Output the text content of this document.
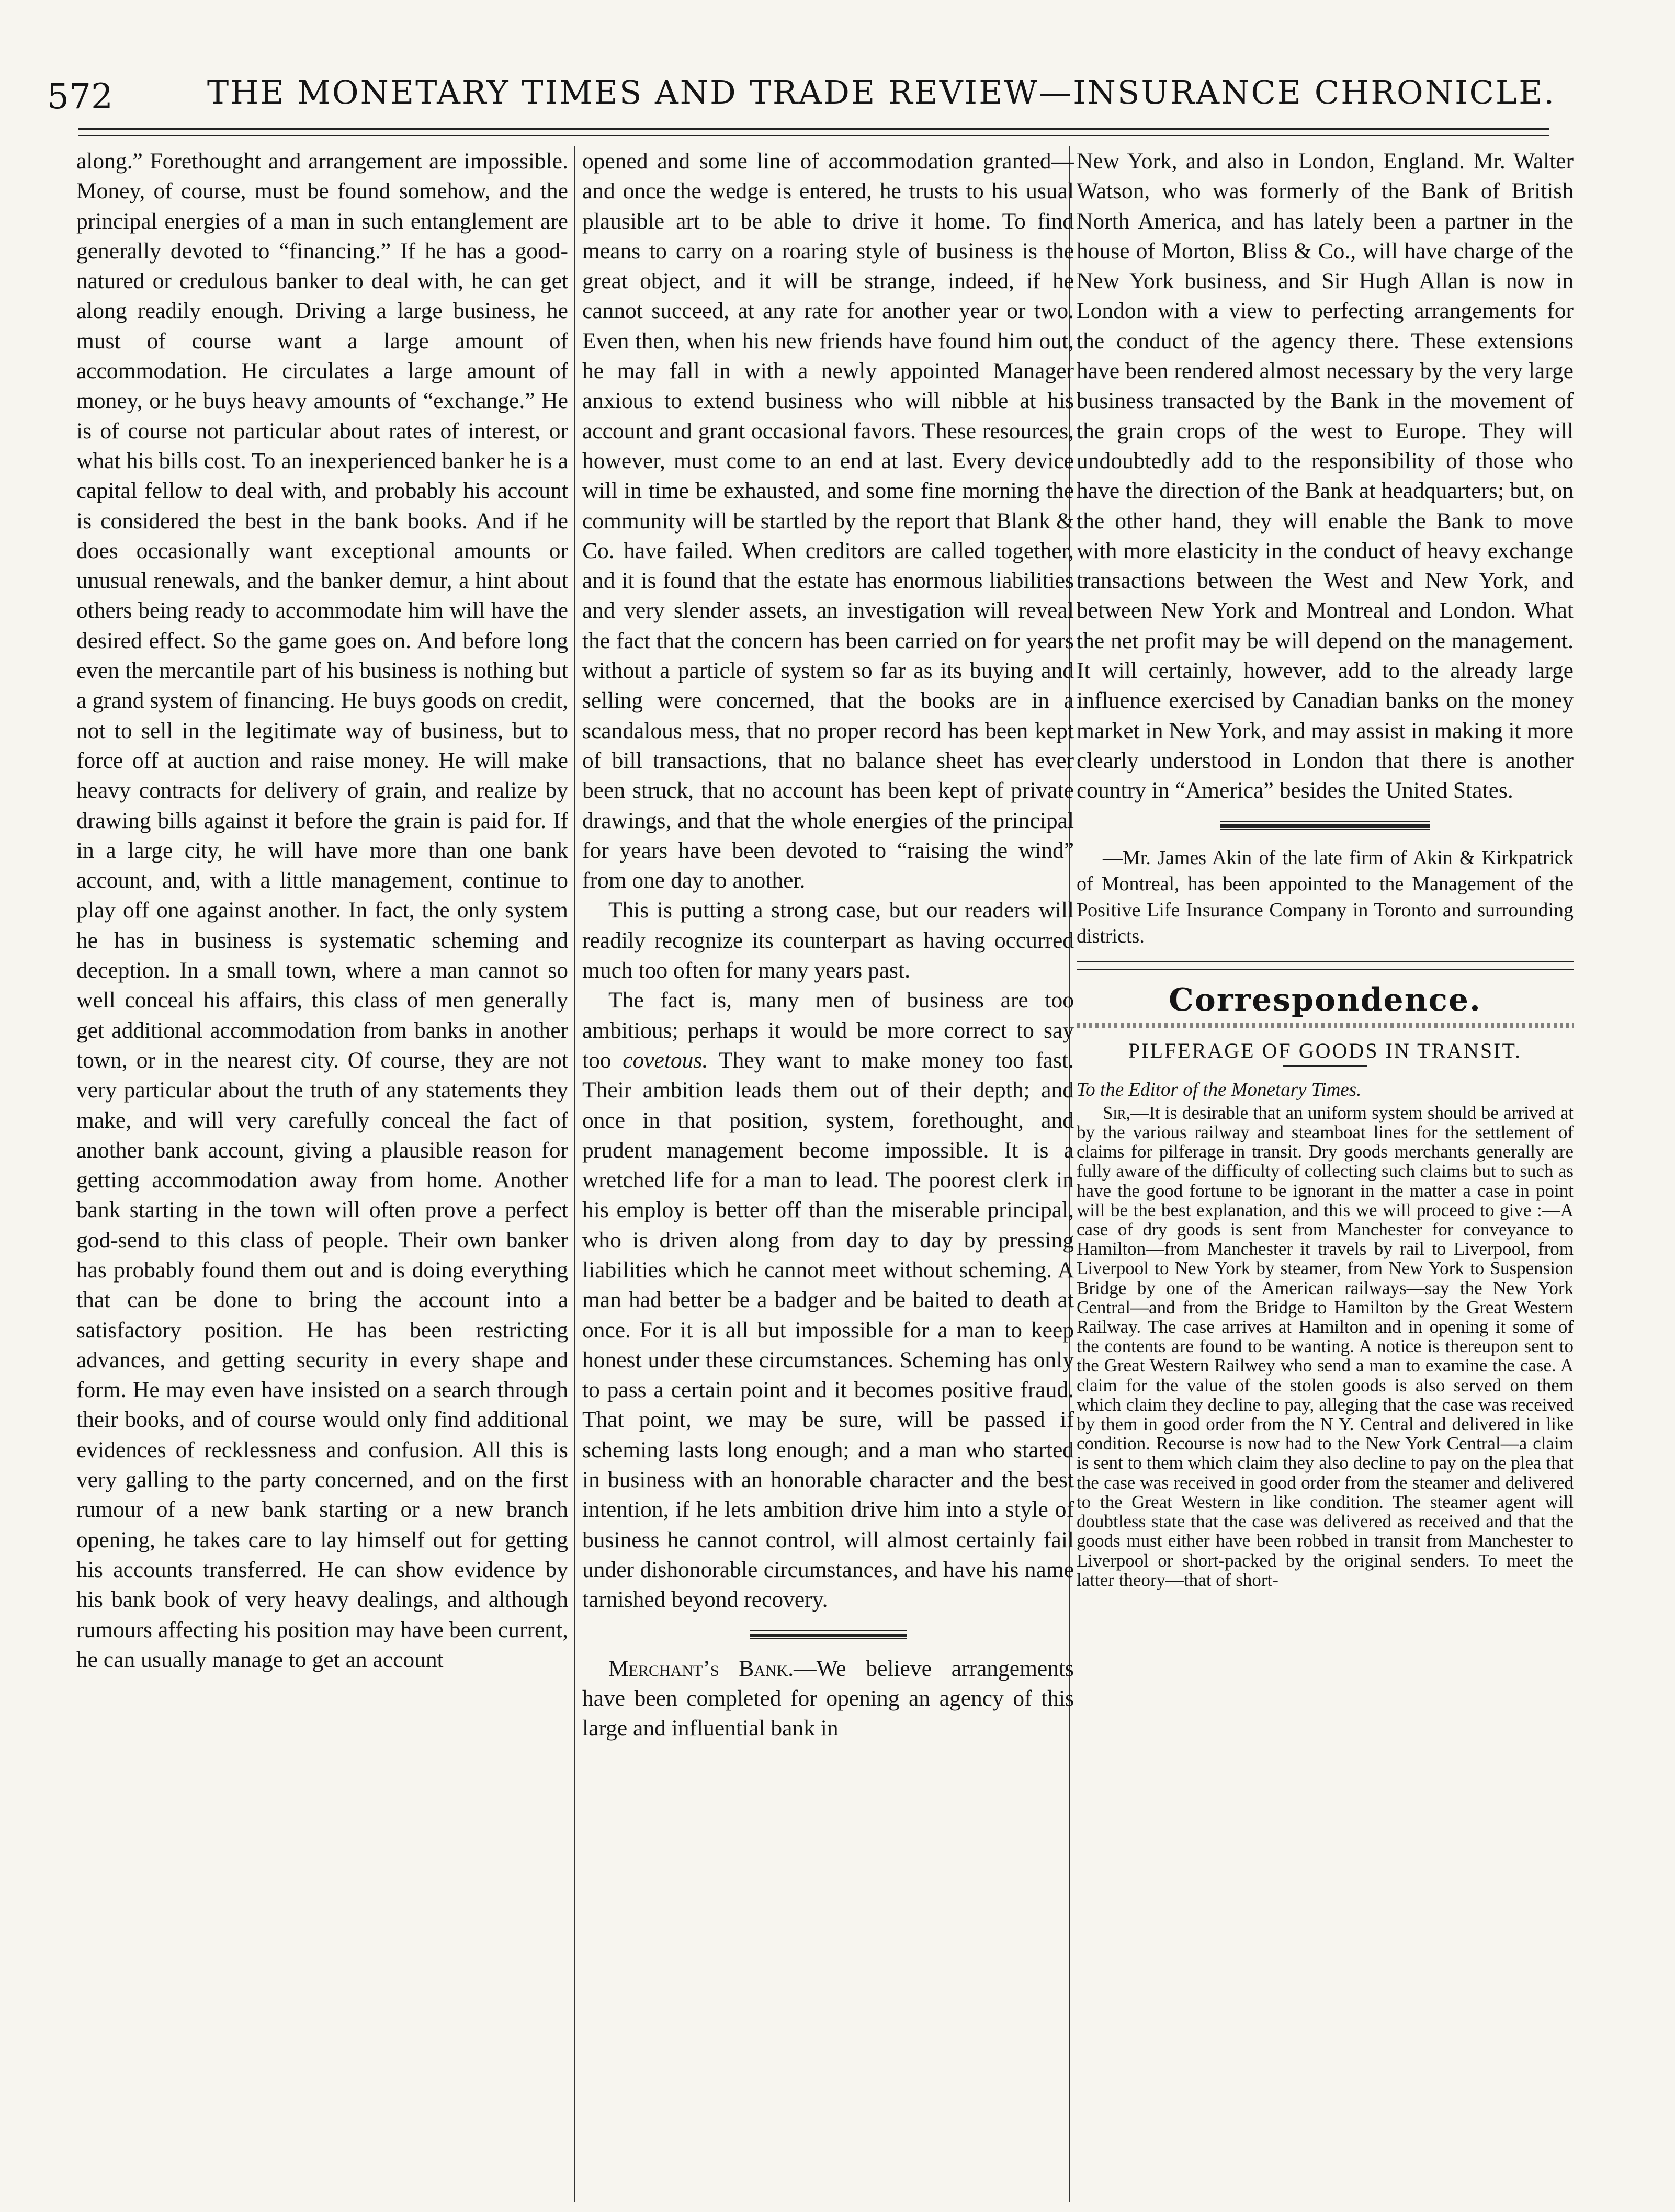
572	THE MONETARY TIMES AND TRADE REVIEW—INSURANCE CHRONICLE.

along.” Forethought and arrangement are impossible. Money, of course, must be found somehow, and the principal energies of a man in such entanglement are generally devoted to “financing.” If he has a good-natured or credulous banker to deal with, he can get along readily enough. Driving a large business, he must of course want a large amount of accommodation. He circulates a large amount of money, or he buys heavy amounts of “exchange.” He is of course not particular about rates of interest, or what his bills cost. To an inexperienced banker he is a capital fellow to deal with, and probably his account is considered the best in the bank books. And if he does occasionally want exceptional amounts or unusual renewals, and the banker demur, a hint about others being ready to accommodate him will have the desired effect. So the game goes on. And before long even the mercantile part of his business is nothing but a grand system of financing. He buys goods on credit, not to sell in the legitimate way of business, but to force off at auction and raise money. He will make heavy contracts for delivery of grain, and realize by drawing bills against it before the grain is paid for. If in a large city, he will have more than one bank account, and, with a little management, continue to play off one against another. In fact, the only system he has in business is systematic scheming and deception. In a small town, where a man cannot so well conceal his affairs, this class of men generally get additional accommodation from banks in another town, or in the nearest city. Of course, they are not very particular about the truth of any statements they make, and will very carefully conceal the fact of another bank account, giving a plausible reason for getting accommodation away from home. Another bank starting in the town will often prove a perfect god-send to this class of people. Their own banker has probably found them out and is doing everything that can be done to bring the account into a satisfactory position. He has been restricting advances, and getting security in every shape and form. He may even have insisted on a search through their books, and of course would only find additional evidences of recklessness and confusion. All this is very galling to the party concerned, and on the first rumour of a new bank starting or a new branch opening, he takes care to lay himself out for getting his accounts transferred. He can show evidence by his bank book of very heavy dealings, and although rumours affecting his position may have been current, he can usually manage to get an account

opened and some line of accommodation granted—and once the wedge is entered, he trusts to his usual plausible art to be able to drive it home. To find means to carry on a roaring style of business is the great object, and it will be strange, indeed, if he cannot succeed, at any rate for another year or two. Even then, when his new friends have found him out, he may fall in with a newly appointed Manager anxious to extend business who will nibble at his account and grant occasional favors. These resources, however, must come to an end at last. Every device will in time be exhausted, and some fine morning the community will be startled by the report that Blank & Co. have failed. When creditors are called together, and it is found that the estate has enormous liabilities and very slender assets, an investigation will reveal the fact that the concern has been carried on for years without a particle of system so far as its buying and selling were concerned, that the books are in a scandalous mess, that no proper record has been kept of bill transactions, that no balance sheet has ever been struck, that no account has been kept of private drawings, and that the whole energies of the principal for years have been devoted to “raising the wind” from one day to another.

This is putting a strong case, but our readers will readily recognize its counterpart as having occurred much too often for many years past.

The fact is, many men of business are too ambitious; perhaps it would be more correct to say too covetous. They want to make money too fast. Their ambition leads them out of their depth; and once in that position, system, forethought, and prudent management become impossible. It is a wretched life for a man to lead. The poorest clerk in his employ is better off than the miserable principal, who is driven along from day to day by pressing liabilities which he cannot meet without scheming. A man had better be a badger and be baited to death at once. For it is all but impossible for a man to keep honest under these circumstances. Scheming has only to pass a certain point and it becomes positive fraud. That point, we may be sure, will be passed if scheming lasts long enough; and a man who started in business with an honorable character and the best intention, if he lets ambition drive him into a style of business he cannot control, will almost certainly fail under dishonorable circumstances, and have his name tarnished beyond recovery.

Merchant’s Bank.—We believe arrangements have been completed for opening an agency of this large and influential bank in

New York, and also in London, England. Mr. Walter Watson, who was formerly of the Bank of British North America, and has lately been a partner in the house of Morton, Bliss & Co., will have charge of the New York business, and Sir Hugh Allan is now in London with a view to perfecting arrangements for the conduct of the agency there. These extensions have been rendered almost necessary by the very large business transacted by the Bank in the movement of the grain crops of the west to Europe. They will undoubtedly add to the responsibility of those who have the direction of the Bank at headquarters; but, on the other hand, they will enable the Bank to move with more elasticity in the conduct of heavy exchange transactions between the West and New York, and between New York and Montreal and London. What the net profit may be will depend on the management. It will certainly, however, add to the already large influence exercised by Canadian banks on the money market in New York, and may assist in making it more clearly understood in London that there is another country in “America” besides the United States.

—Mr. James Akin of the late firm of Akin & Kirkpatrick of Montreal, has been appointed to the Management of the Positive Life Insurance Company in Toronto and surrounding districts.

Correspondence.

PILFERAGE OF GOODS IN TRANSIT.

To the Editor of the Monetary Times.

Sir,—It is desirable that an uniform system should be arrived at by the various railway and steamboat lines for the settlement of claims for pilferage in transit. Dry goods merchants generally are fully aware of the difficulty of collecting such claims but to such as have the good fortune to be ignorant in the matter a case in point will be the best explanation, and this we will proceed to give :—A case of dry goods is sent from Manchester for conveyance to Hamilton—from Manchester it travels by rail to Liverpool, from Liverpool to New York by steamer, from New York to Suspension Bridge by one of the American railways—say the New York Central—and from the Bridge to Hamilton by the Great Western Railway. The case arrives at Hamilton and in opening it some of the contents are found to be wanting. A notice is thereupon sent to the Great Western Railwey who send a man to examine the case. A claim for the value of the stolen goods is also served on them which claim they decline to pay, alleging that the case was received by them in good order from the N Y. Central and delivered in like condition. Recourse is now had to the New York Central—a claim is sent to them which claim they also decline to pay on the plea that the case was received in good order from the steamer and delivered to the Great Western in like condition. The steamer agent will doubtless state that the case was delivered as received and that the goods must either have been robbed in transit from Manchester to Liverpool or short-packed by the original senders. To meet the latter theory—that of short-
